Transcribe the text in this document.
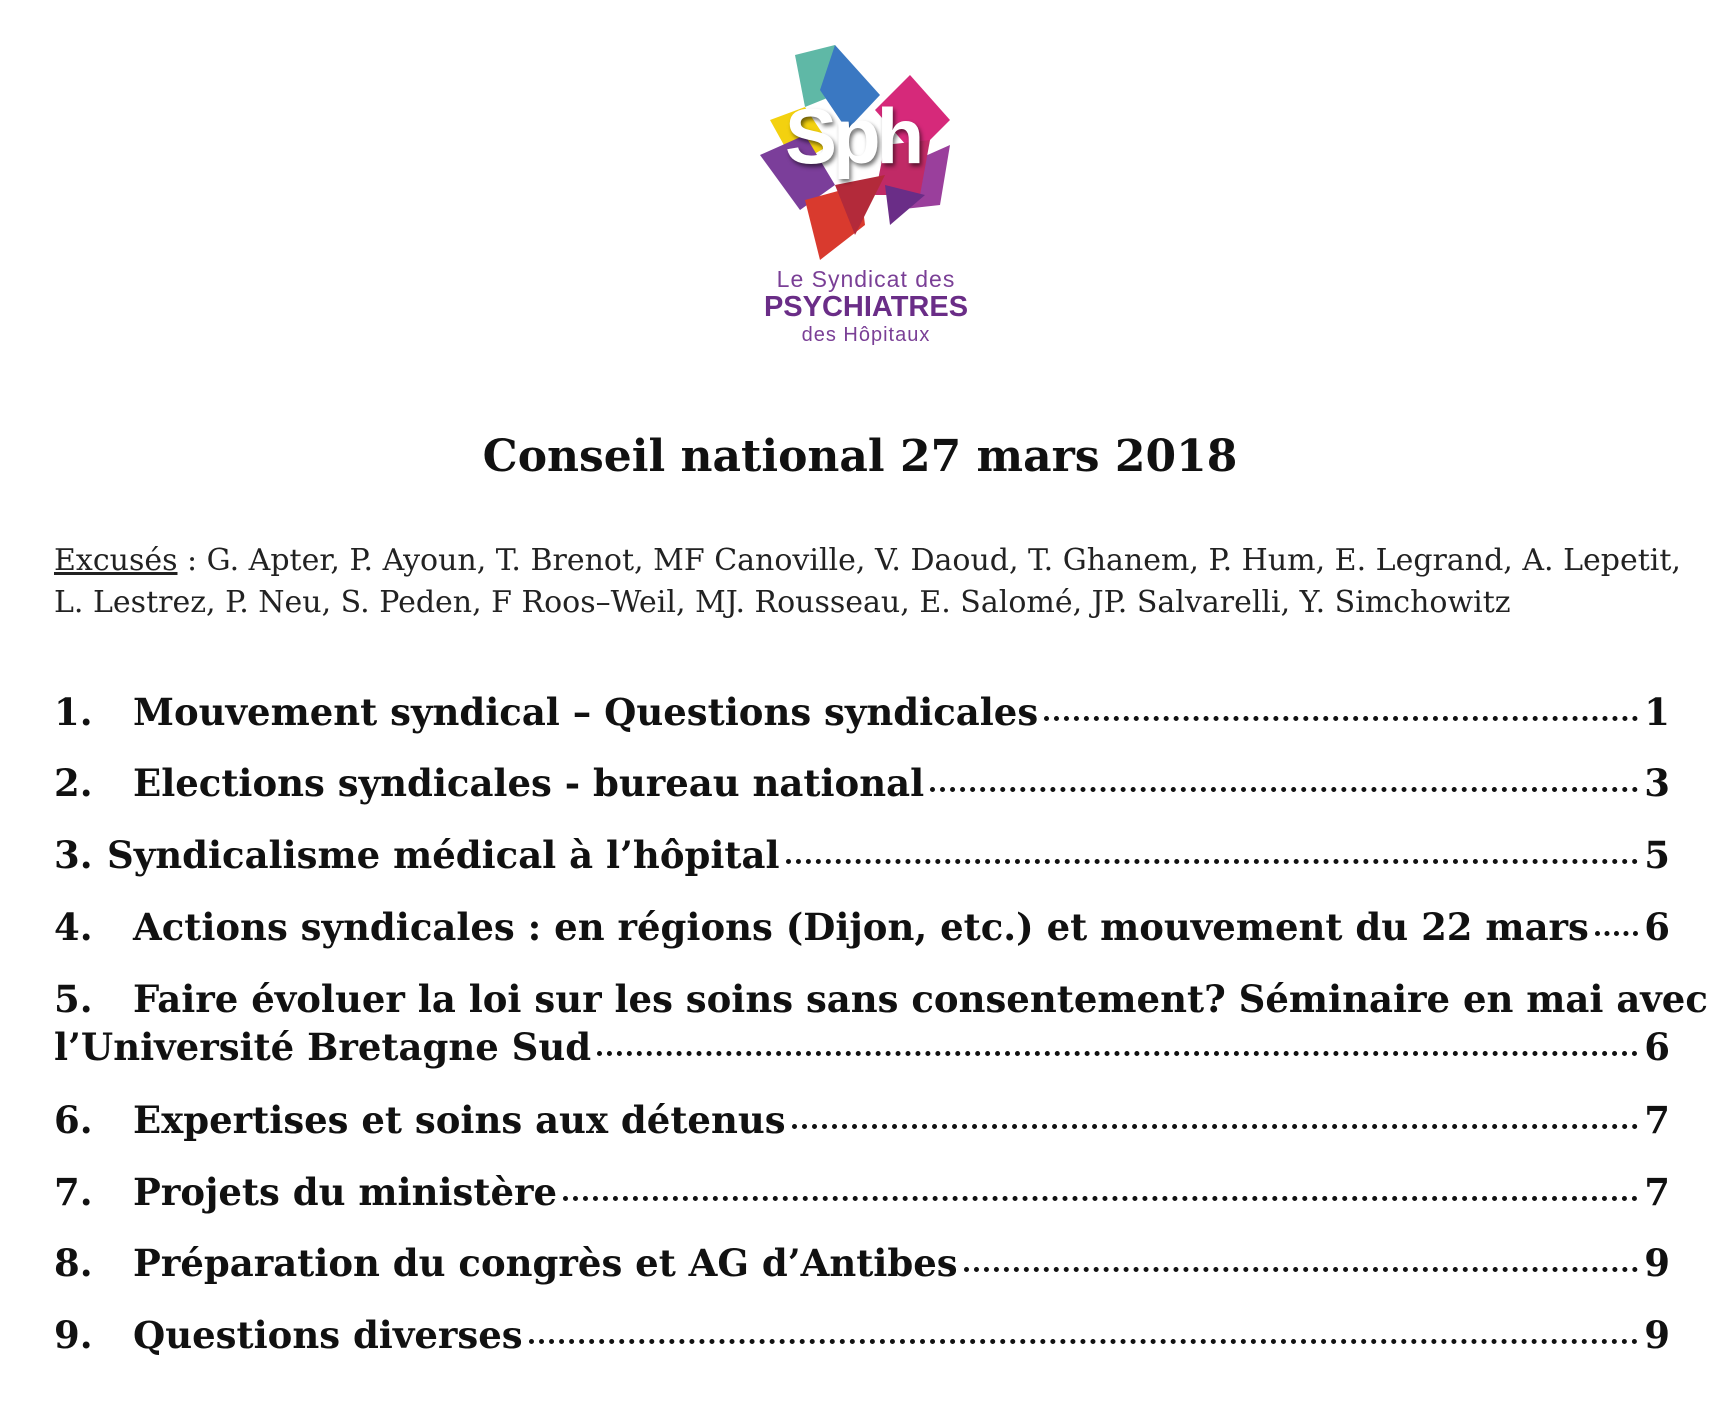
Sph
Le Syndicat des
PSYCHIATRES
des Hôpitaux
Conseil national 27 mars 2018
Excusés : G. Apter, P. Ayoun, T. Brenot, MF Canoville, V. Daoud, T. Ghanem, P. Hum, E. Legrand, A. Lepetit,
L. Lestrez, P. Neu, S. Peden, F Roos–Weil, MJ. Rousseau, E. Salomé, JP. Salvarelli, Y. Simchowitz
1. Mouvement syndical – Questions syndicales	1
2. Elections syndicales - bureau national	3
3. Syndicalisme médical à l’hôpital	5
4. Actions syndicales : en régions (Dijon, etc.) et mouvement du 22 mars 6
5. Faire évoluer la loi sur les soins sans consentement? Séminaire en mai avec
l’Université Bretagne Sud	6
6. Expertises et soins aux détenus	7
7. Projets du ministère	7
8. Préparation du congrès et AG d’Antibes	9
9. Questions diverses	9
